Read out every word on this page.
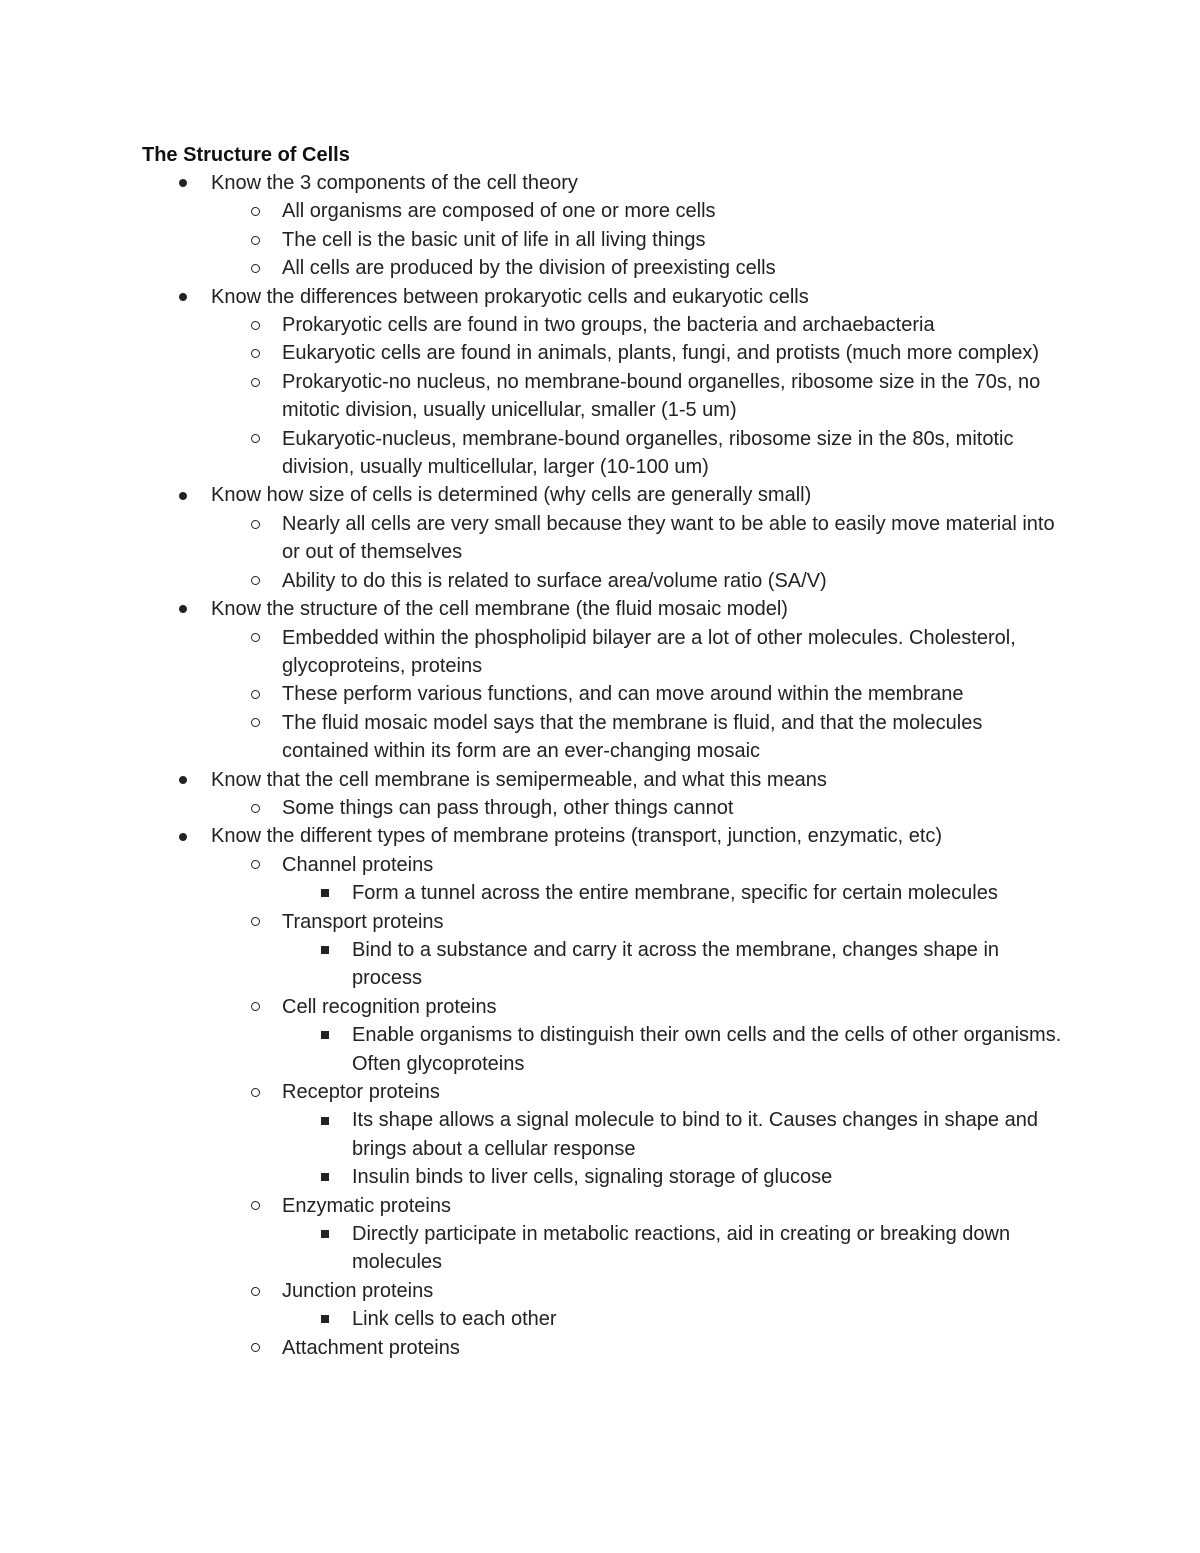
The Structure of Cells
Know the 3 components of the cell theory
All organisms are composed of one or more cells
The cell is the basic unit of life in all living things
All cells are produced by the division of preexisting cells
Know the differences between prokaryotic cells and eukaryotic cells
Prokaryotic cells are found in two groups, the bacteria and archaebacteria
Eukaryotic cells are found in animals, plants, fungi, and protists (much more complex)
Prokaryotic-no nucleus, no membrane-bound organelles, ribosome size in the 70s, no mitotic division, usually unicellular, smaller (1-5 um)
Eukaryotic-nucleus, membrane-bound organelles, ribosome size in the 80s, mitotic division, usually multicellular, larger (10-100 um)
Know how size of cells is determined (why cells are generally small)
Nearly all cells are very small because they want to be able to easily move material into or out of themselves
Ability to do this is related to surface area/volume ratio (SA/V)
Know the structure of the cell membrane (the fluid mosaic model)
Embedded within the phospholipid bilayer are a lot of other molecules. Cholesterol, glycoproteins, proteins
These perform various functions, and can move around within the membrane
The fluid mosaic model says that the membrane is fluid, and that the molecules contained within its form are an ever-changing mosaic
Know that the cell membrane is semipermeable, and what this means
Some things can pass through, other things cannot
Know the different types of membrane proteins (transport, junction, enzymatic, etc)
Channel proteins
Form a tunnel across the entire membrane, specific for certain molecules
Transport proteins
Bind to a substance and carry it across the membrane, changes shape in process
Cell recognition proteins
Enable organisms to distinguish their own cells and the cells of other organisms. Often glycoproteins
Receptor proteins
Its shape allows a signal molecule to bind to it. Causes changes in shape and brings about a cellular response
Insulin binds to liver cells, signaling storage of glucose
Enzymatic proteins
Directly participate in metabolic reactions, aid in creating or breaking down molecules
Junction proteins
Link cells to each other
Attachment proteins
